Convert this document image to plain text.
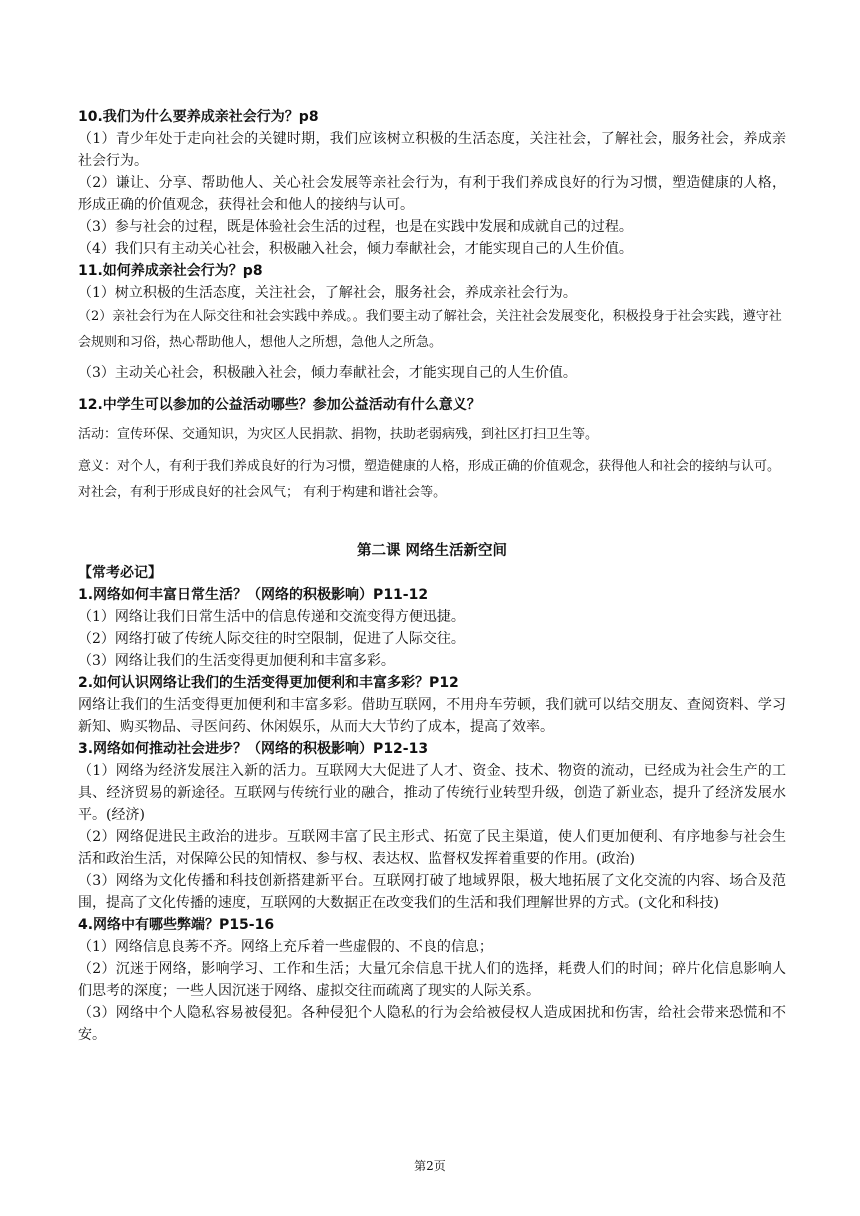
10.我们为什么要养成亲社会行为？p8

（1）青少年处于走向社会的关键时期，我们应该树立积极的生活态度，关注社会，了解社会，服务社会，养成亲社会行为。

（2）谦让、分享、帮助他人、关心社会发展等亲社会行为，有利于我们养成良好的行为习惯，塑造健康的人格，形成正确的价值观念，获得社会和他人的接纳与认可。

（3）参与社会的过程，既是体验社会生活的过程，也是在实践中发展和成就自己的过程。

（4）我们只有主动关心社会，积极融入社会，倾力奉献社会，才能实现自己的人生价值。

11.如何养成亲社会行为？p8

（1）树立积极的生活态度，关注社会，了解社会，服务社会，养成亲社会行为。

（2）亲社会行为在人际交往和社会实践中养成。。我们要主动了解社会，关注社会发展变化，积极投身于社会实践，遵守社会规则和习俗，热心帮助他人，想他人之所想，急他人之所急。

（3）主动关心社会，积极融入社会，倾力奉献社会，才能实现自己的人生价值。

12.中学生可以参加的公益活动哪些？参加公益活动有什么意义？

活动：宣传环保、交通知识，为灾区人民捐款、捐物，扶助老弱病残，到社区打扫卫生等。

意义：对个人，有利于我们养成良好的行为习惯，塑造健康的人格，形成正确的价值观念，获得他人和社会的接纳与认可。对社会，有利于形成良好的社会风气； 有利于构建和谐社会等。

第二课 网络生活新空间

【常考必记】

1.网络如何丰富日常生活？（网络的积极影响）P11-12

（1）网络让我们日常生活中的信息传递和交流变得方便迅捷。

（2）网络打破了传统人际交往的时空限制，促进了人际交往。

（3）网络让我们的生活变得更加便利和丰富多彩。

2.如何认识网络让我们的生活变得更加便利和丰富多彩？P12

网络让我们的生活变得更加便利和丰富多彩。借助互联网，不用舟车劳顿，我们就可以结交朋友、查阅资料、学习新知、购买物品、寻医问药、休闲娱乐，从而大大节约了成本，提高了效率。

3.网络如何推动社会进步？（网络的积极影响）P12-13

（1）网络为经济发展注入新的活力。互联网大大促进了人才、资金、技术、物资的流动，已经成为社会生产的工具、经济贸易的新途径。互联网与传统行业的融合，推动了传统行业转型升级，创造了新业态，提升了经济发展水平。(经济)

（2）网络促进民主政治的进步。互联网丰富了民主形式、拓宽了民主渠道，使人们更加便利、有序地参与社会生活和政治生活，对保障公民的知情权、参与权、表达权、监督权发挥着重要的作用。(政治)

（3）网络为文化传播和科技创新搭建新平台。互联网打破了地域界限，极大地拓展了文化交流的内容、场合及范围，提高了文化传播的速度，互联网的大数据正在改变我们的生活和我们理解世界的方式。(文化和科技)

4.网络中有哪些弊端？P15-16

（1）网络信息良莠不齐。网络上充斥着一些虚假的、不良的信息；

（2）沉迷于网络，影响学习、工作和生活；大量冗余信息干扰人们的选择，耗费人们的时间；碎片化信息影响人们思考的深度；一些人因沉迷于网络、虚拟交往而疏离了现实的人际关系。

（3）网络中个人隐私容易被侵犯。各种侵犯个人隐私的行为会给被侵权人造成困扰和伤害，给社会带来恐慌和不安。

第2页
